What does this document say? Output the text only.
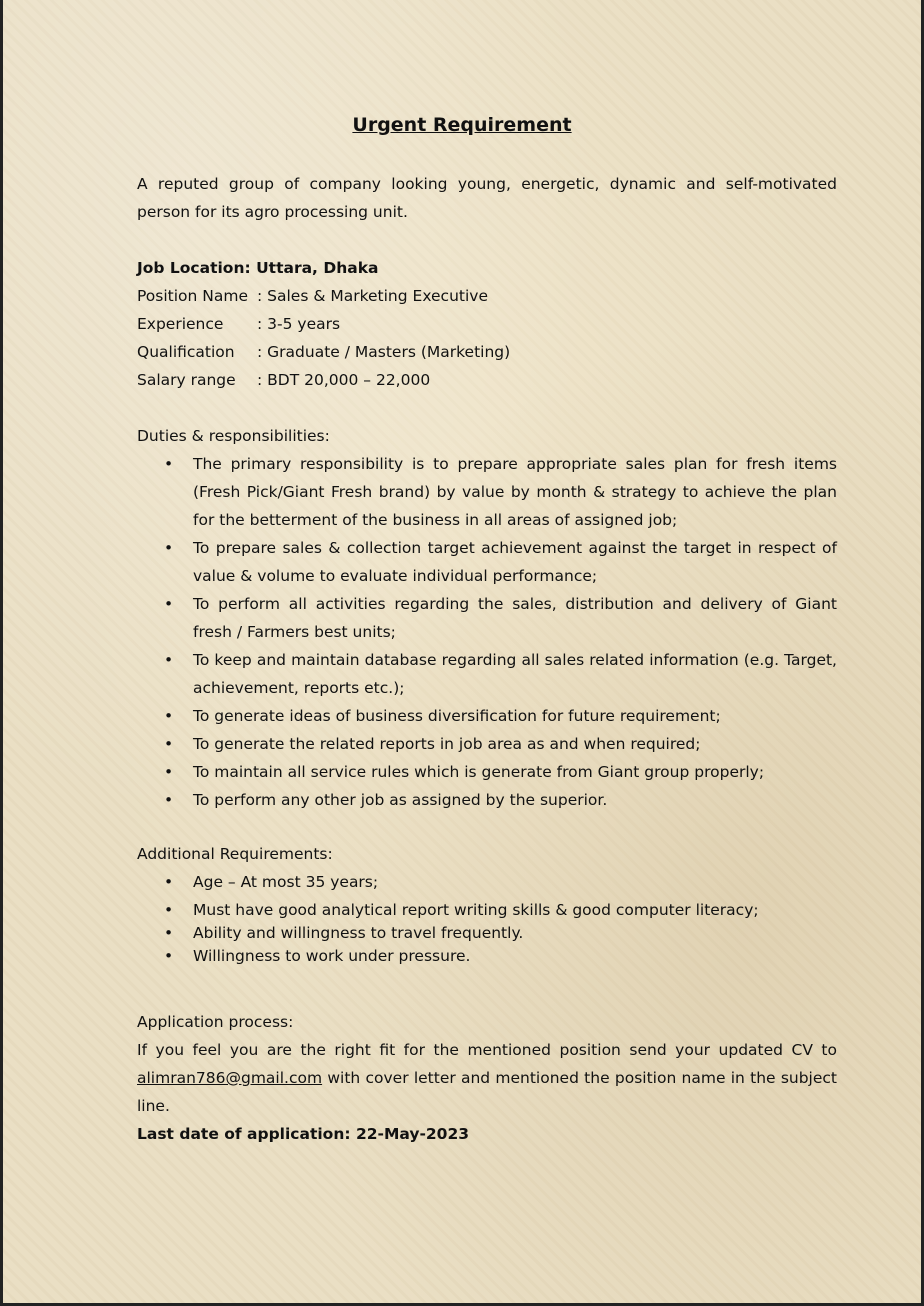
Urgent Requirement
A reputed group of company looking young, energetic, dynamic and self-motivated person for its agro processing unit.
Job Location: Uttara, Dhaka
Position Name : Sales & Marketing Executive
Experience	: 3-5 years
Qualification	: Graduate / Masters (Marketing)
Salary range	: BDT 20,000 – 22,000
Duties & responsibilities:
• The primary responsibility is to prepare appropriate sales plan for fresh items (Fresh Pick/Giant Fresh brand) by value by month & strategy to achieve the plan for the betterment of the business in all areas of assigned job;
• To prepare sales & collection target achievement against the target in respect of value & volume to evaluate individual performance;
• To perform all activities regarding the sales, distribution and delivery of Giant fresh / Farmers best units;
• To keep and maintain database regarding all sales related information (e.g. Target, achievement, reports etc.);
• To generate ideas of business diversification for future requirement;
• To generate the related reports in job area as and when required;
• To maintain all service rules which is generate from Giant group properly;
• To perform any other job as assigned by the superior.
Additional Requirements:
• Age – At most 35 years;
• Must have good analytical report writing skills & good computer literacy;
• Ability and willingness to travel frequently.
• Willingness to work under pressure.
Application process:
If you feel you are the right fit for the mentioned position send your updated CV to alimran786@gmail.com with cover letter and mentioned the position name in the subject line.
Last date of application: 22-May-2023
